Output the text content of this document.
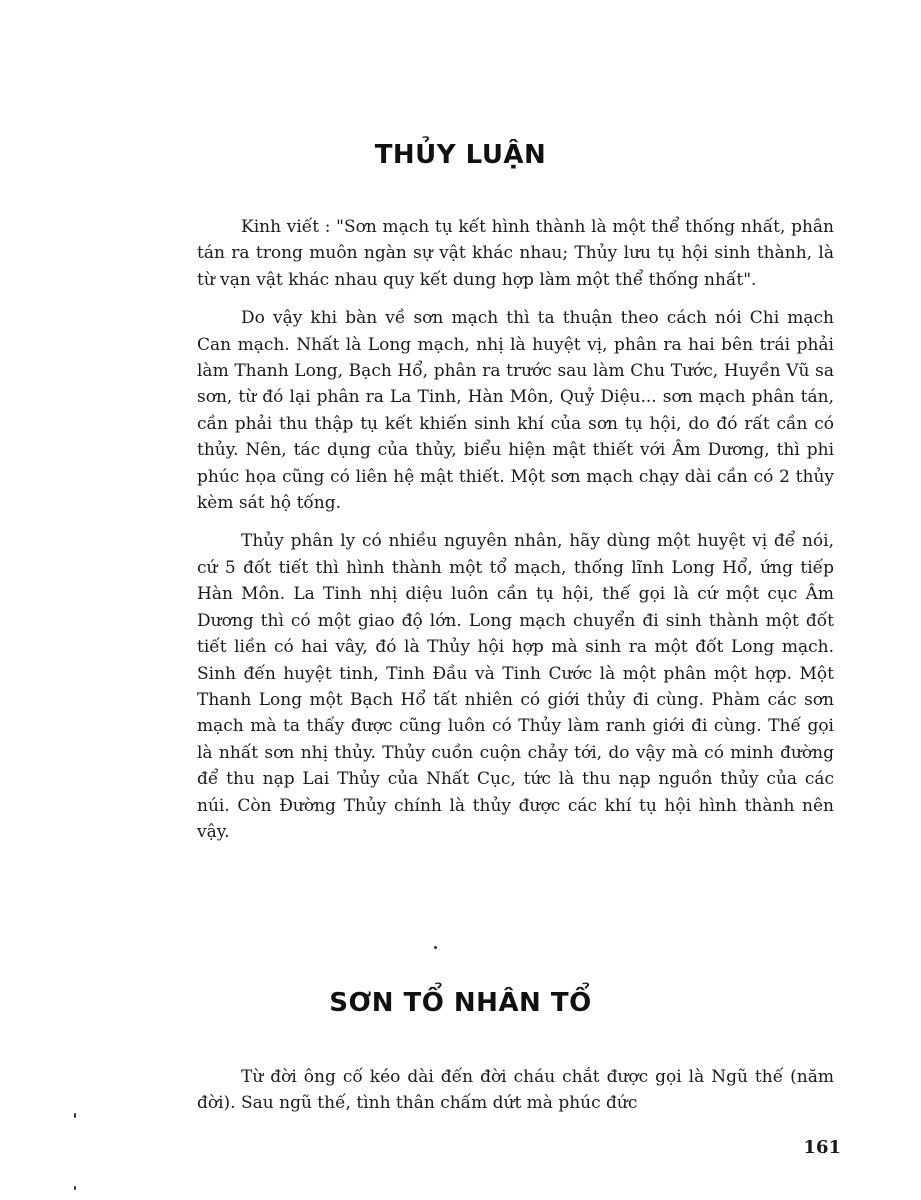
THỦY LUẬN

Kinh viết : "Sơn mạch tụ kết hình thành là một thể thống nhất, phân tán ra trong muôn ngàn sự vật khác nhau; Thủy lưu tụ hội sinh thành, là từ vạn vật khác nhau quy kết dung hợp làm một thể thống nhất".

Do vậy khi bàn về sơn mạch thì ta thuận theo cách nói Chi mạch Can mạch. Nhất là Long mạch, nhị là huyệt vị, phân ra hai bên trái phải làm Thanh Long, Bạch Hổ, phân ra trước sau làm Chu Tước, Huyền Vũ sa sơn, từ đó lại phân ra La Tinh, Hàn Môn, Quỷ Diệu... sơn mạch phân tán, cần phải thu thập tụ kết khiến sinh khí của sơn tụ hội, do đó rất cần có thủy. Nên, tác dụng của thủy, biểu hiện mật thiết với Âm Dương, thì phi phúc họa cũng có liên hệ mật thiết. Một sơn mạch chạy dài cần có 2 thủy kèm sát hộ tống.

Thủy phân ly có nhiều nguyên nhân, hãy dùng một huyệt vị để nói, cứ 5 đốt tiết thì hình thành một tổ mạch, thống lĩnh Long Hổ, ứng tiếp Hàn Môn. La Tinh nhị diệu luôn cần tụ hội, thế gọi là cứ một cục Âm Dương thì có một giao độ lớn. Long mạch chuyển đi sinh thành một đốt tiết liền có hai vây, đó là Thủy hội hợp mà sinh ra một đốt Long mạch. Sinh đến huyệt tinh, Tinh Đầu và Tinh Cước là một phân một hợp. Một Thanh Long một Bạch Hổ tất nhiên có giới thủy đi cùng. Phàm các sơn mạch mà ta thấy được cũng luôn có Thủy làm ranh giới đi cùng. Thế gọi là nhất sơn nhị thủy. Thủy cuồn cuộn chảy tới, do vậy mà có minh đường để thu nạp Lai Thủy của Nhất Cục, tức là thu nạp nguồn thủy của các núi. Còn Đường Thủy chính là thủy được các khí tụ hội hình thành nên vậy.

SƠN TỔ NHÂN TỔ

Từ đời ông cố kéo dài đến đời cháu chắt được gọi là Ngũ thế (năm đời). Sau ngũ thế, tình thân chấm dứt mà phúc đức

161
